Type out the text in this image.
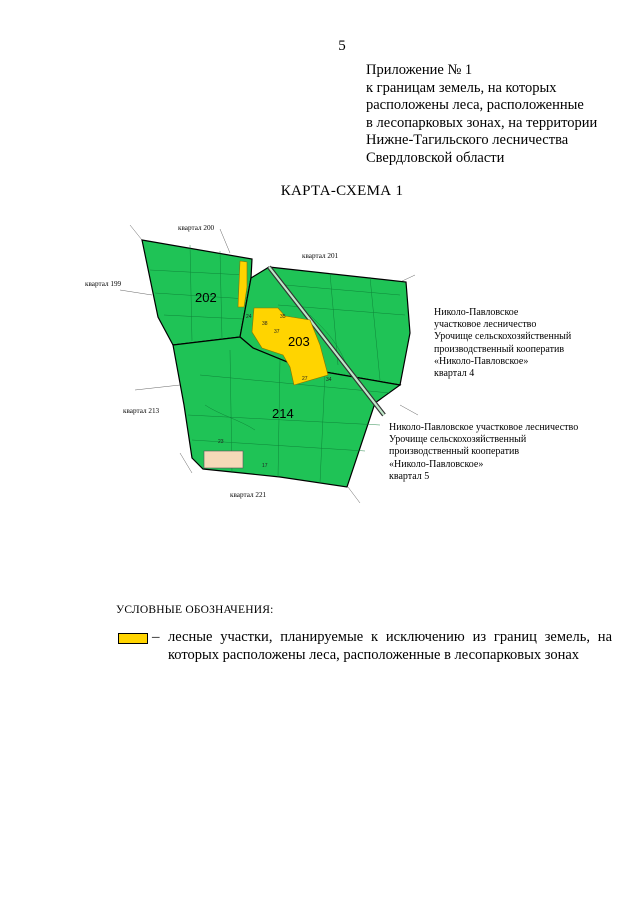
5
Приложение № 1
к границам земель, на которых
расположены леса, расположенные
в лесопарковых зонах, на территории
Нижне-Тагильского лесничества
Свердловской области
КАРТА-СХЕМА 1
202
203
214
37
35
24
38
27	34
23
17
квартал 200
квартал 201
квартал 199
квартал 213
квартал 221
Николо-Павловское
участковое лесничество
Урочище сельскохозяйственный
производственный кооператив
«Николо-Павловское»
квартал 4
Николо-Павловское участковое лесничество
Урочище сельскохозяйственный
производственный кооператив
«Николо-Павловское»
квартал 5
УСЛОВНЫЕ ОБОЗНАЧЕНИЯ:
– лесные участки, планируемые к исключению из границ земель, на которых расположены леса, расположенные в лесопарковых зонах
